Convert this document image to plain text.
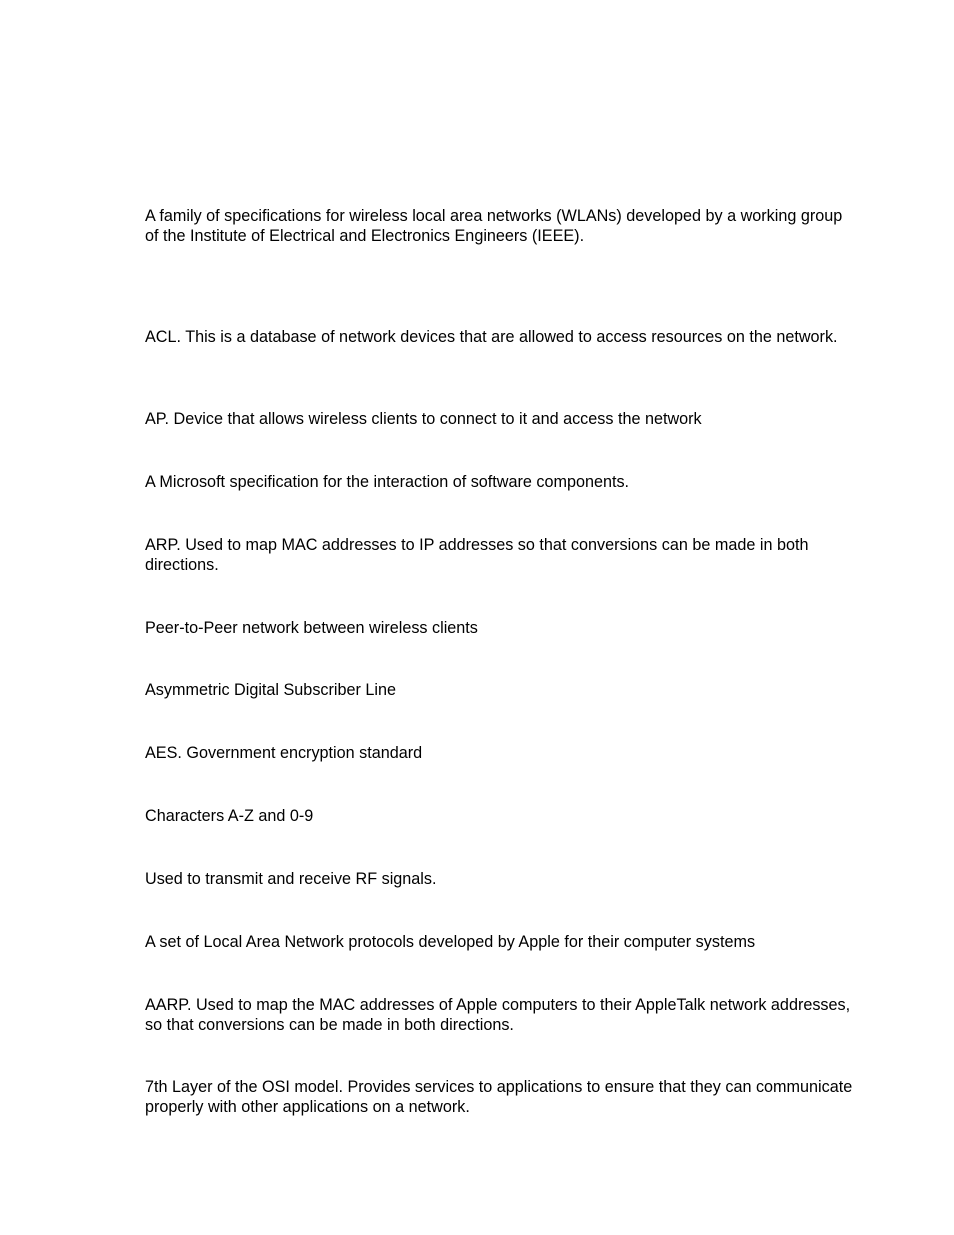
A family of specifications for wireless local area networks (WLANs) developed by a working group of the Institute of Electrical and Electronics Engineers (IEEE).

ACL. This is a database of network devices that are allowed to access resources on the network.

AP. Device that allows wireless clients to connect to it and access the network

A Microsoft specification for the interaction of software components.

ARP. Used to map MAC addresses to IP addresses so that conversions can be made in both directions.

Peer-to-Peer network between wireless clients

Asymmetric Digital Subscriber Line

AES. Government encryption standard

Characters A-Z and 0-9

Used to transmit and receive RF signals.

A set of Local Area Network protocols developed by Apple for their computer systems

AARP. Used to map the MAC addresses of Apple computers to their AppleTalk network addresses, so that conversions can be made in both directions.

7th Layer of the OSI model. Provides services to applications to ensure that they can communicate properly with other applications on a network.
